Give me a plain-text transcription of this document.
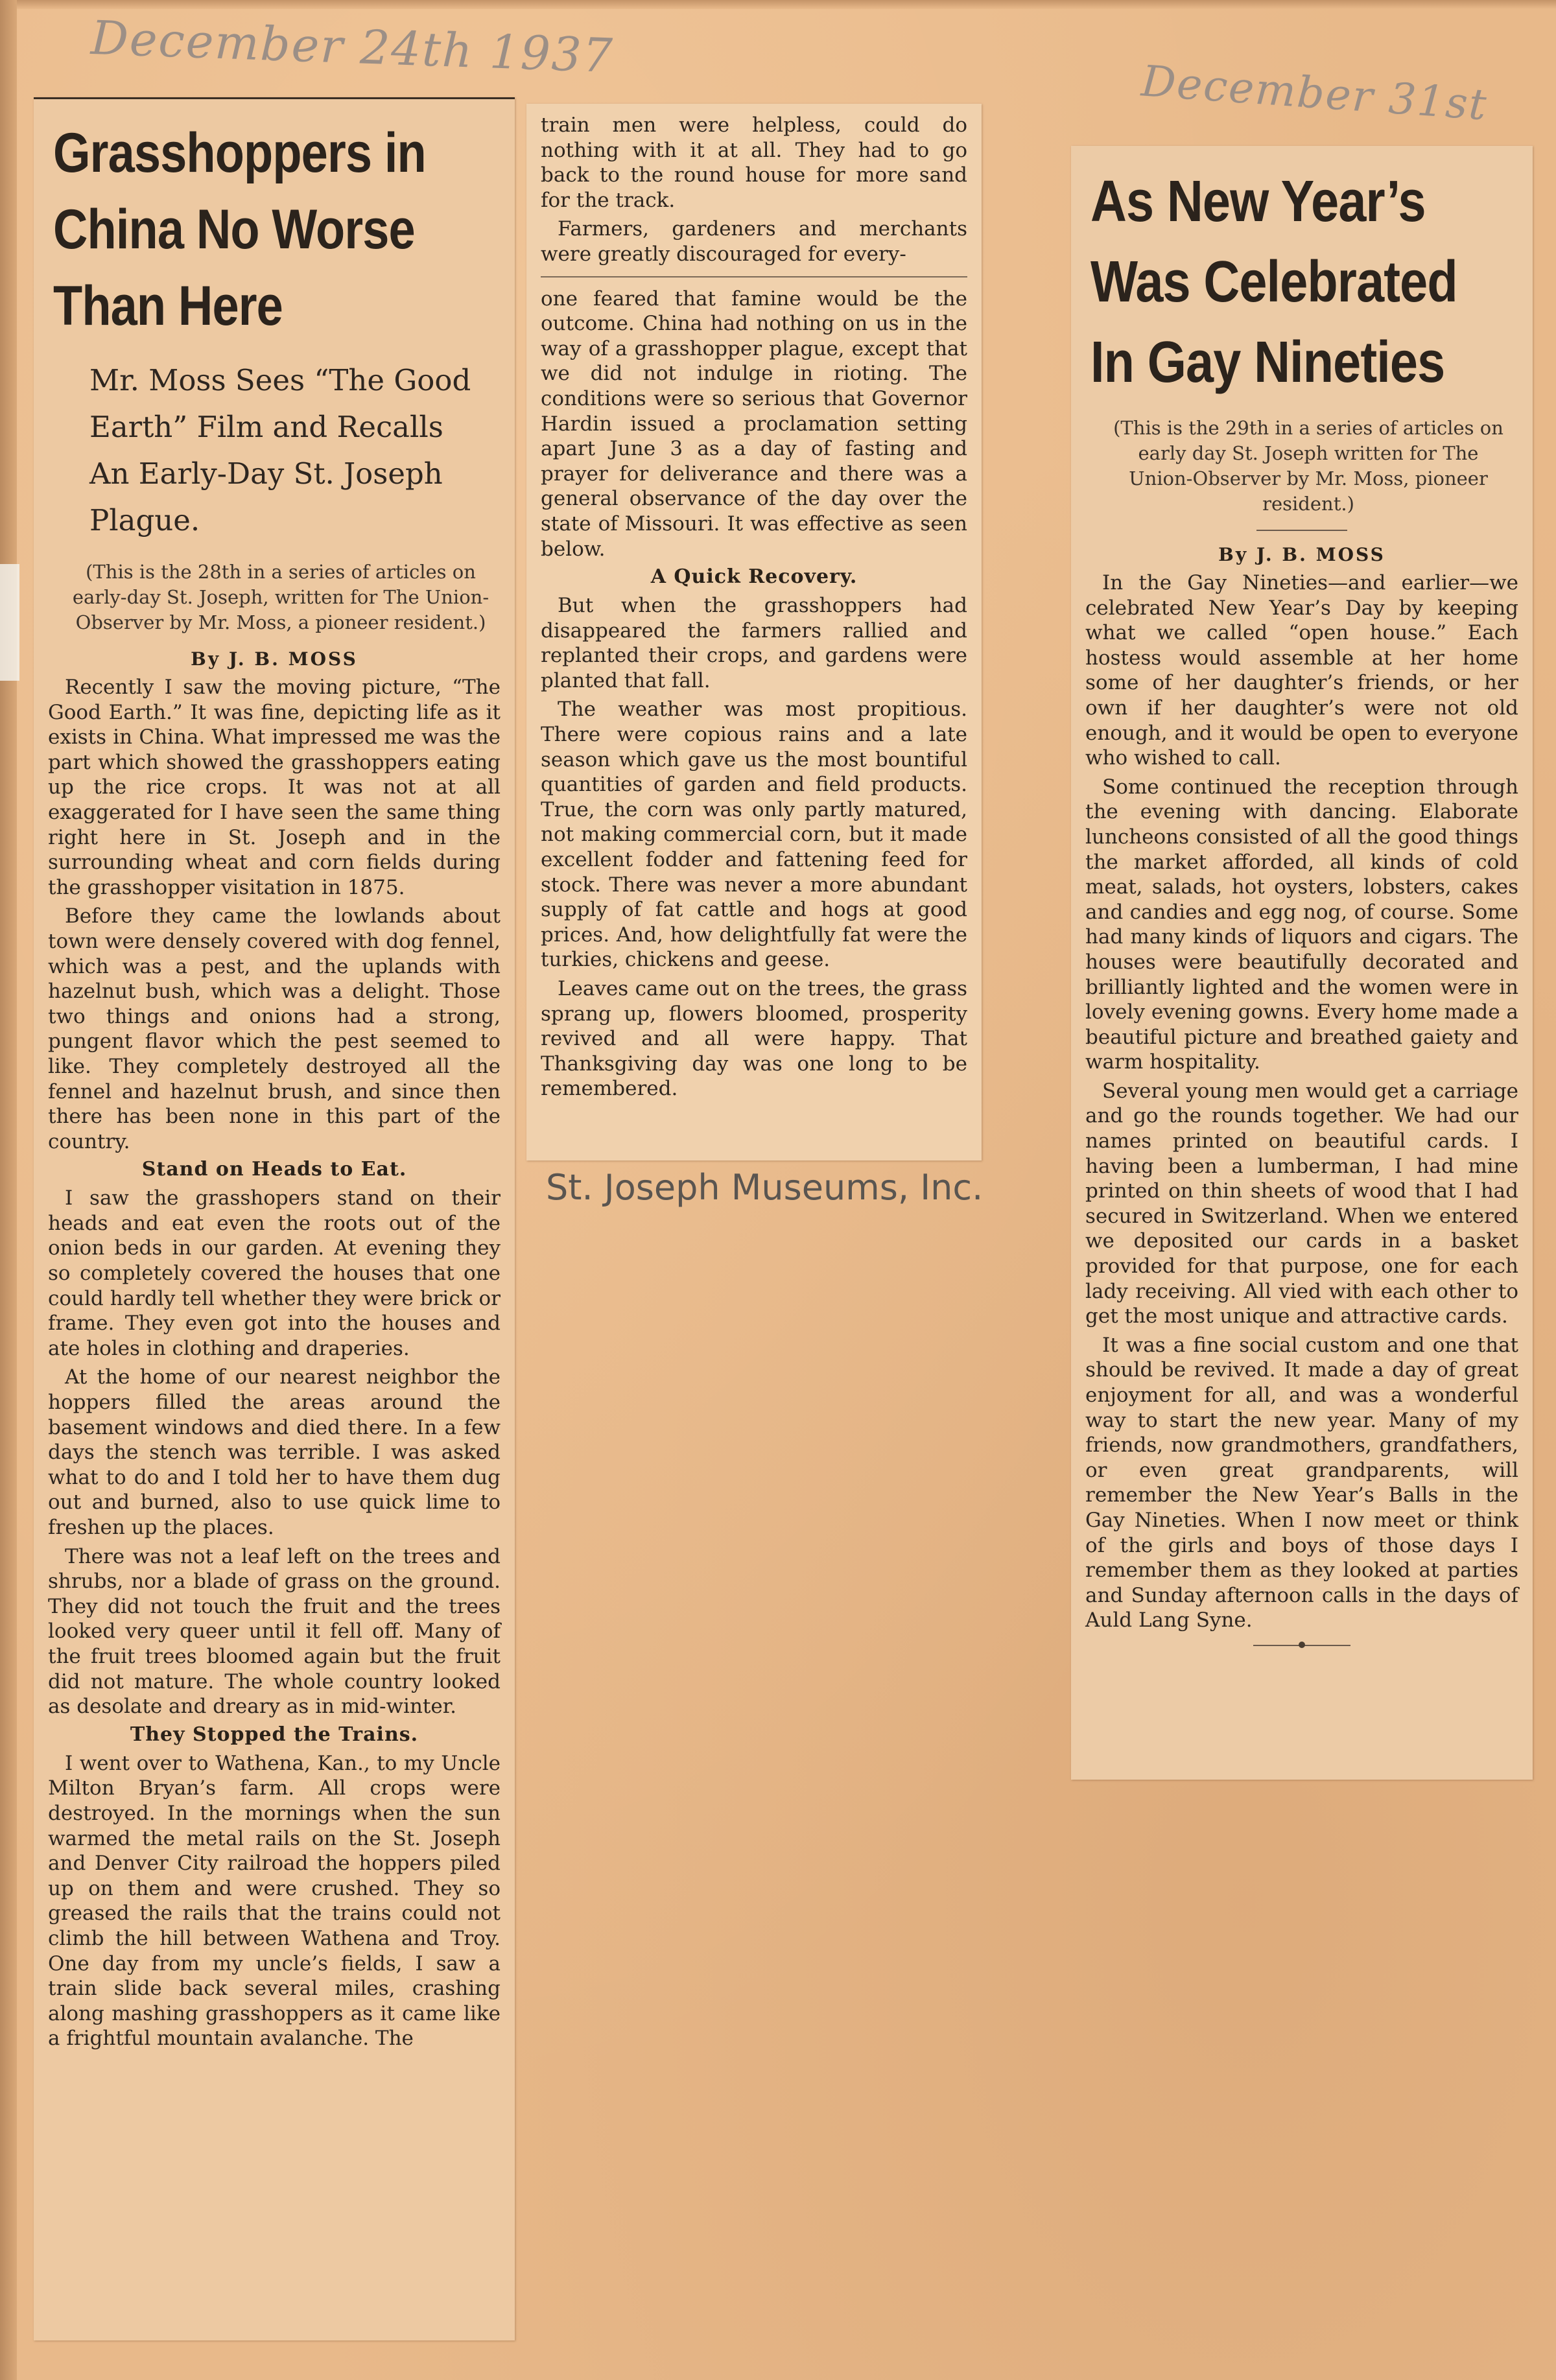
December 24th 1937
December 31st
Grasshoppers in
China No Worse
Than Here
Mr. Moss Sees “The Good
Earth” Film and Recalls
An Early-Day St. Joseph
Plague.
(This is the 28th in a series of articles on early-day St. Joseph, written for The Union-Observer by Mr. Moss, a pioneer resident.)
By J. B. MOSS
Recently I saw the moving picture, “The Good Earth.” It was fine, depicting life as it exists in China. What impressed me was the part which showed the grasshoppers eating up the rice crops. It was not at all exaggerated for I have seen the same thing right here in St. Joseph and in the surrounding wheat and corn fields during the grasshopper visitation in 1875.
Before they came the lowlands about town were densely covered with dog fennel, which was a pest, and the uplands with hazelnut bush, which was a delight. Those two things and onions had a strong, pungent flavor which the pest seemed to like. They completely destroyed all the fennel and hazelnut brush, and since then there has been none in this part of the country.
Stand on Heads to Eat.
I saw the grasshopers stand on their heads and eat even the roots out of the onion beds in our garden. At evening they so completely covered the houses that one could hardly tell whether they were brick or frame. They even got into the houses and ate holes in clothing and draperies.
At the home of our nearest neighbor the hoppers filled the areas around the basement windows and died there. In a few days the stench was terrible. I was asked what to do and I told her to have them dug out and burned, also to use quick lime to freshen up the places.
There was not a leaf left on the trees and shrubs, nor a blade of grass on the ground. They did not touch the fruit and the trees looked very queer until it fell off. Many of the fruit trees bloomed again but the fruit did not mature. The whole country looked as desolate and dreary as in mid-winter.
They Stopped the Trains.
I went over to Wathena, Kan., to my Uncle Milton Bryan’s farm. All crops were destroyed. In the mornings when the sun warmed the metal rails on the St. Joseph and Denver City railroad the hoppers piled up on them and were crushed. They so greased the rails that the trains could not climb the hill between Wathena and Troy. One day from my uncle’s fields, I saw a train slide back several miles, crashing along mashing grasshoppers as it came like a frightful mountain avalanche. The
train men were helpless, could do nothing with it at all. They had to go back to the round house for more sand for the track.
Farmers, gardeners and merchants were greatly discouraged for every-
one feared that famine would be the outcome. China had nothing on us in the way of a grasshopper plague, except that we did not indulge in rioting. The conditions were so serious that Governor Hardin issued a proclamation setting apart June 3 as a day of fasting and prayer for deliverance and there was a general observance of the day over the state of Missouri. It was effective as seen below.
A Quick Recovery.
But when the grasshoppers had disappeared the farmers rallied and replanted their crops, and gardens were planted that fall.
The weather was most propitious. There were copious rains and a late season which gave us the most bountiful quantities of garden and field products. True, the corn was only partly matured, not making commercial corn, but it made excellent fodder and fattening feed for stock. There was never a more abundant supply of fat cattle and hogs at good prices. And, how delightfully fat were the turkies, chickens and geese.
Leaves came out on the trees, the grass sprang up, flowers bloomed, prosperity revived and all were happy. That Thanksgiving day was one long to be remembered.
St. Joseph Museums, Inc.
As New Year’s
Was Celebrated
In Gay Nineties
(This is the 29th in a series of articles on early day St. Joseph written for The Union-Observer by Mr. Moss, pioneer resident.)
By J. B. MOSS
In the Gay Nineties—and earlier—we celebrated New Year’s Day by keeping what we called “open house.” Each hostess would assemble at her home some of her daughter’s friends, or her own if her daughter’s were not old enough, and it would be open to everyone who wished to call.
Some continued the reception through the evening with dancing. Elaborate luncheons consisted of all the good things the market afforded, all kinds of cold meat, salads, hot oysters, lobsters, cakes and candies and egg nog, of course. Some had many kinds of liquors and cigars. The houses were beautifully decorated and brilliantly lighted and the women were in lovely evening gowns. Every home made a beautiful picture and breathed gaiety and warm hospitality.
Several young men would get a carriage and go the rounds together. We had our names printed on beautiful cards. I having been a lumberman, I had mine printed on thin sheets of wood that I had secured in Switzerland. When we entered we deposited our cards in a basket provided for that purpose, one for each lady receiving. All vied with each other to get the most unique and attractive cards.
It was a fine social custom and one that should be revived. It made a day of great enjoyment for all, and was a wonderful way to start the new year. Many of my friends, now grandmothers, grandfathers, or even great grandparents, will remember the New Year’s Balls in the Gay Nineties. When I now meet or think of the girls and boys of those days I remember them as they looked at parties and Sunday afternoon calls in the days of Auld Lang Syne.
